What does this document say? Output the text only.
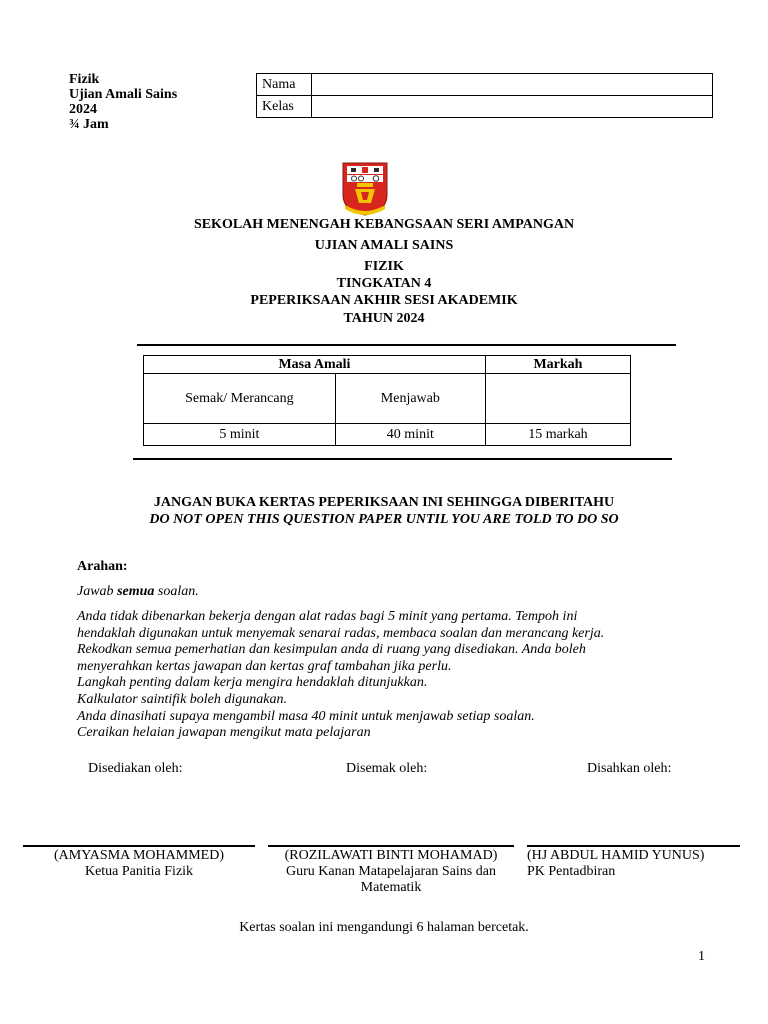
Fizik
Ujian Amali Sains
2024
¾ Jam
Nama	
Kelas	
SEKOLAH MENENGAH KEBANGSAAN SERI AMPANGAN
UJIAN AMALI SAINS
FIZIK
TINGKATAN 4
PEPERIKSAAN AKHIR SESI AKADEMIK
TAHUN 2024
Masa Amali		Markah
Semak/ Merancang	Menjawab	
5 minit	40 minit	15 markah
JANGAN BUKA KERTAS PEPERIKSAAN INI SEHINGGA DIBERITAHU
DO NOT OPEN THIS QUESTION PAPER UNTIL YOU ARE TOLD TO DO SO
Arahan:
Jawab semua soalan.
Anda tidak dibenarkan bekerja dengan alat radas bagi 5 minit yang pertama. Tempoh ini
hendaklah digunakan untuk menyemak senarai radas, membaca soalan dan merancang kerja.
Rekodkan semua pemerhatian dan kesimpulan anda di ruang yang disediakan. Anda boleh
menyerahkan kertas jawapan dan kertas graf tambahan jika perlu.
Langkah penting dalam kerja mengira hendaklah ditunjukkan.
Kalkulator saintifik boleh digunakan.
Anda dinasihati supaya mengambil masa 40 minit untuk menjawab setiap soalan.
Ceraikan helaian jawapan mengikut mata pelajaran
Disediakan oleh:	Disemak oleh:	Disahkan oleh:
(AMYASMA MOHAMMED)
Ketua Panitia Fizik
(ROZILAWATI BINTI MOHAMAD)
Guru Kanan Matapelajaran Sains dan
Matematik
(HJ ABDUL HAMID YUNUS)
PK Pentadbiran
Kertas soalan ini mengandungi 6 halaman bercetak.
1
